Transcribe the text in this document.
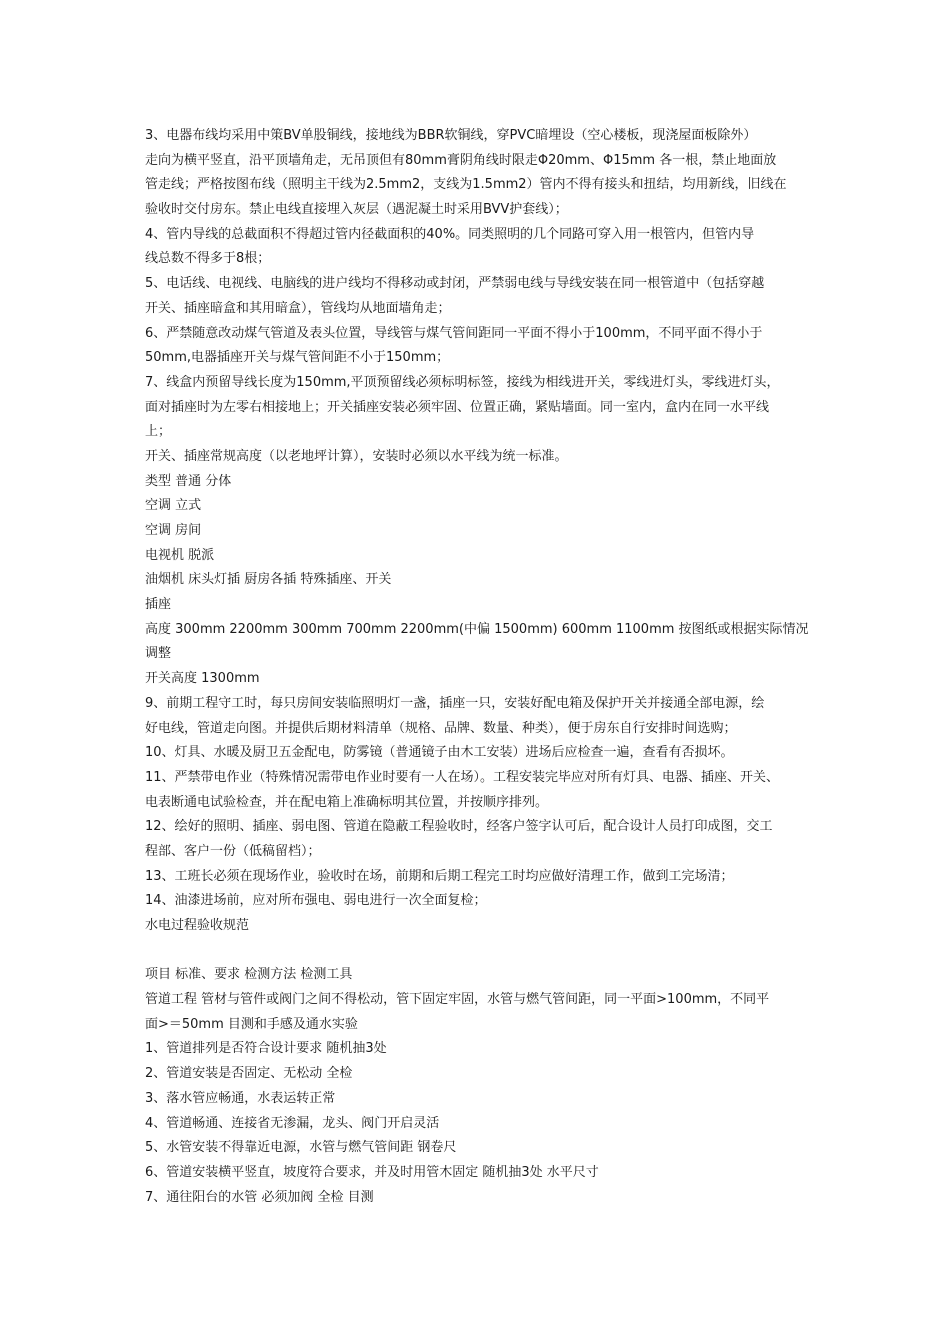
3、电器布线均采用中策BV单股铜线，接地线为BBR软铜线，穿PVC暗埋设（空心楼板，现浇屋面板除外）
走向为横平竖直，沿平顶墙角走，无吊顶但有80mm膏阴角线时限走Φ20mm、Φ15mm 各一根，禁止地面放
管走线；严格按图布线（照明主干线为2.5mm2，支线为1.5mm2）管内不得有接头和扭结，均用新线，旧线在
验收时交付房东。禁止电线直接埋入灰层（遇泥凝土时采用BVV护套线）；
4、管内导线的总截面积不得超过管内径截面积的40%。同类照明的几个同路可穿入用一根管内，但管内导
线总数不得多于8根；
5、电话线、电视线、电脑线的进户线均不得移动或封闭，严禁弱电线与导线安装在同一根管道中（包括穿越
开关、插座暗盒和其用暗盒），管线均从地面墙角走；
6、严禁随意改动煤气管道及表头位置，导线管与煤气管间距同一平面不得小于100mm，不同平面不得小于
50mm,电器插座开关与煤气管间距不小于150mm；
7、线盒内预留导线长度为150mm,平顶预留线必须标明标签，接线为相线进开关，零线进灯头，零线进灯头，
面对插座时为左零右相接地上；开关插座安装必须牢固、位置正确，紧贴墙面。同一室内，盒内在同一水平线
上；
开关、插座常规高度（以老地坪计算），安装时必须以水平线为统一标准。
类型 普通 分体
空调 立式
空调 房间
电视机 脱派
油烟机 床头灯插 厨房各插 特殊插座、开关
插座
高度 300mm 2200mm 300mm 700mm 2200mm(中偏 1500mm) 600mm 1100mm 按图纸或根据实际情况
调整
开关高度 1300mm
9、前期工程守工时，每只房间安装临照明灯一盏，插座一只，安装好配电箱及保护开关并接通全部电源，绘
好电线，管道走向图。并提供后期材料清单（规格、品牌、数量、种类），便于房东自行安排时间选购；
10、灯具、水暖及厨卫五金配电，防雾镜（普通镜子由木工安装）进场后应检查一遍，查看有否损坏。
11、严禁带电作业（特殊情况需带电作业时要有一人在场）。工程安装完毕应对所有灯具、电器、插座、开关、
电表断通电试验检查，并在配电箱上准确标明其位置，并按顺序排列。
12、绘好的照明、插座、弱电图、管道在隐蔽工程验收时，经客户签字认可后，配合设计人员打印成图，交工
程部、客户一份（低稿留档）；
13、工班长必须在现场作业，验收时在场，前期和后期工程完工时均应做好清理工作，做到工完场清；
14、油漆进场前，应对所布强电、弱电进行一次全面复检；
水电过程验收规范
项目 标准、要求 检测方法 检测工具
管道工程 管材与管件或阀门之间不得松动，管下固定牢固，水管与燃气管间距，同一平面>100mm，不同平
面>＝50mm 目测和手感及通水实验
1、管道排列是否符合设计要求 随机抽3处
2、管道安装是否固定、无松动 全检
3、落水管应畅通，水表运转正常
4、管道畅通、连接省无渗漏，龙头、阀门开启灵活
5、水管安装不得靠近电源，水管与燃气管间距 钢卷尺
6、管道安装横平竖直，坡度符合要求，并及时用管木固定 随机抽3处 水平尺寸
7、通往阳台的水管 必须加阀 全检 目测
